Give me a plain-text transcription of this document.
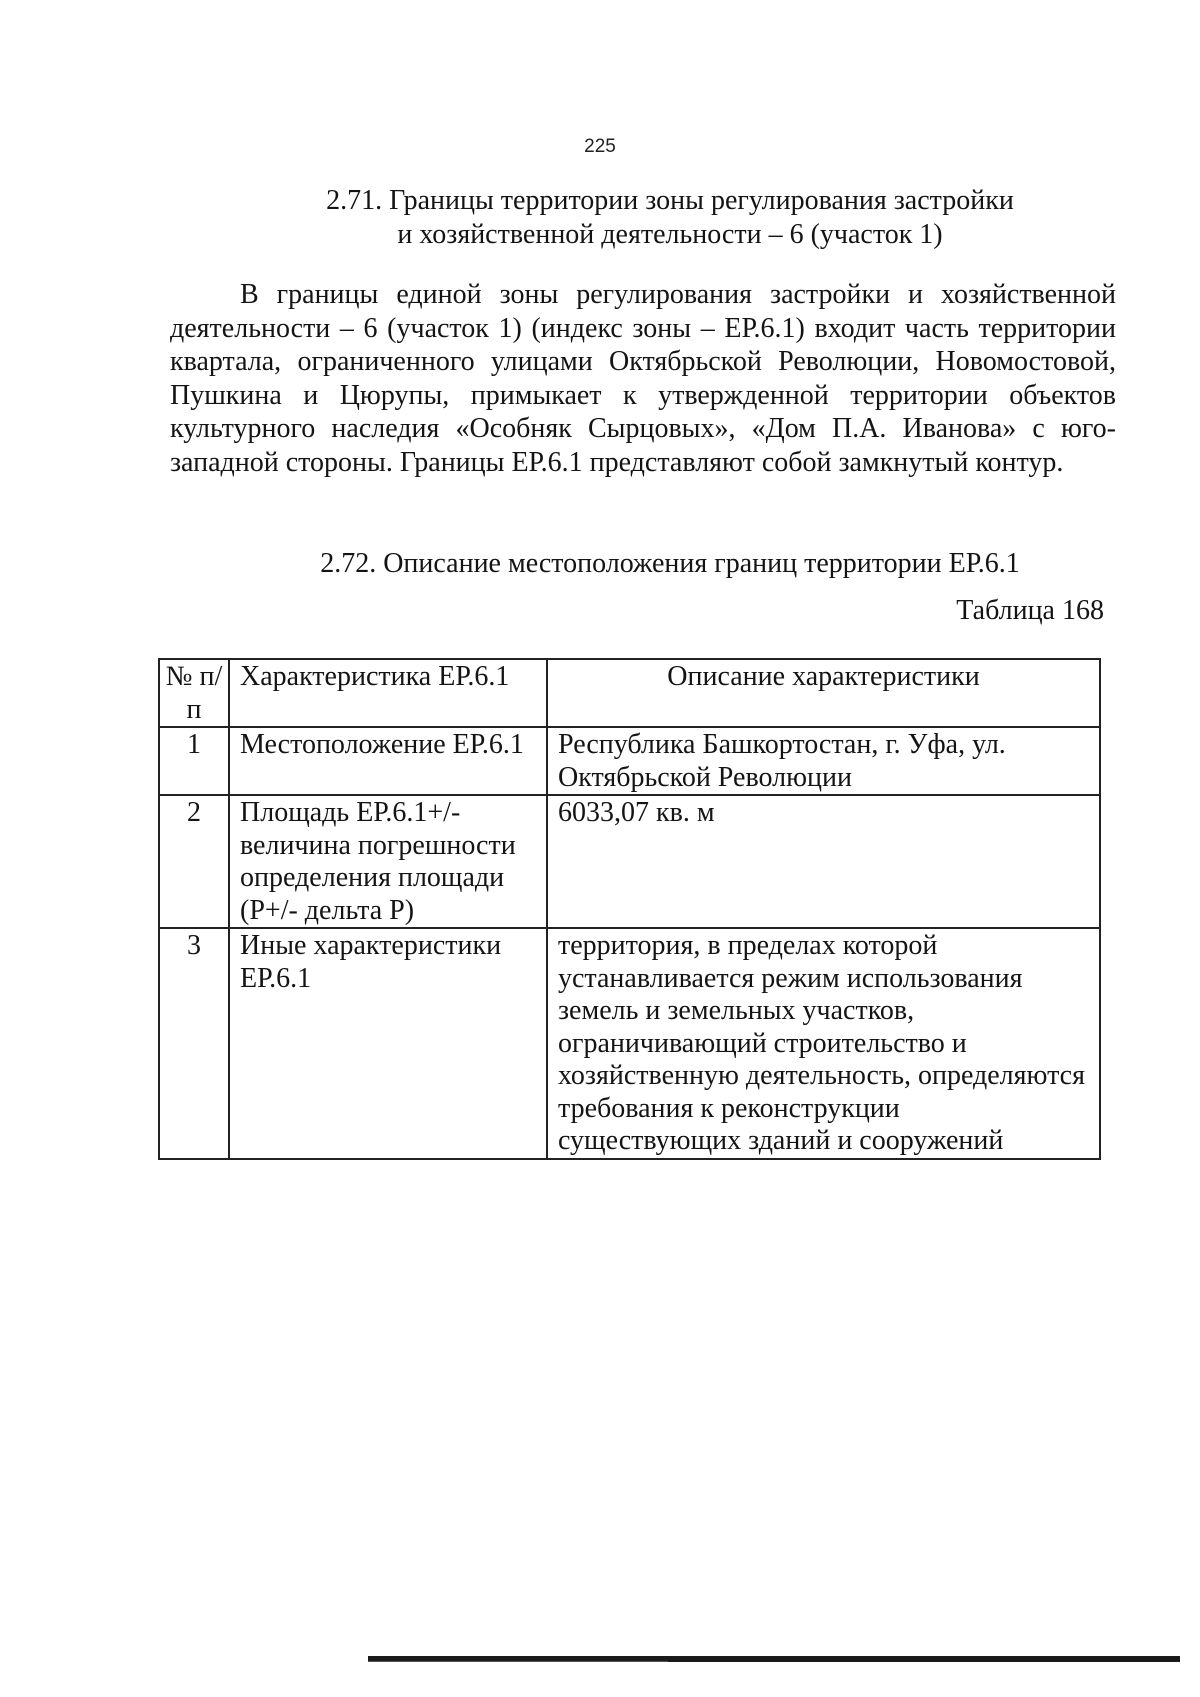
225
2.71. Границы территории зоны регулирования застройки
и хозяйственной деятельности – 6 (участок 1)

В границы единой зоны регулирования застройки и хозяйственной деятельности – 6 (участок 1) (индекс зоны – ЕР.6.1) входит часть территории квартала, ограниченного улицами Октябрьской Революции, Новомостовой, Пушкина и Цюрупы, примыкает к утвержденной территории объектов культурного наследия «Особняк Сырцовых», «Дом П.А. Иванова» с юго-западной стороны. Границы ЕР.6.1 представляют собой замкнутый контур.

2.72. Описание местоположения границ территории ЕР.6.1
Таблица 168
№ п/п	Характеристика ЕР.6.1	Описание характеристики
1	Местоположение ЕР.6.1	Республика Башкортостан, г. Уфа, ул. Октябрьской Революции
2	Площадь ЕР.6.1+/- величина погрешности определения площади (Р+/- дельта Р)	6033,07 кв. м
3	Иные характеристики ЕР.6.1	территория, в пределах которой устанавливается режим использования земель и земельных участков, ограничивающий строительство и хозяйственную деятельность, определяются требования к реконструкции существующих зданий и сооружений
